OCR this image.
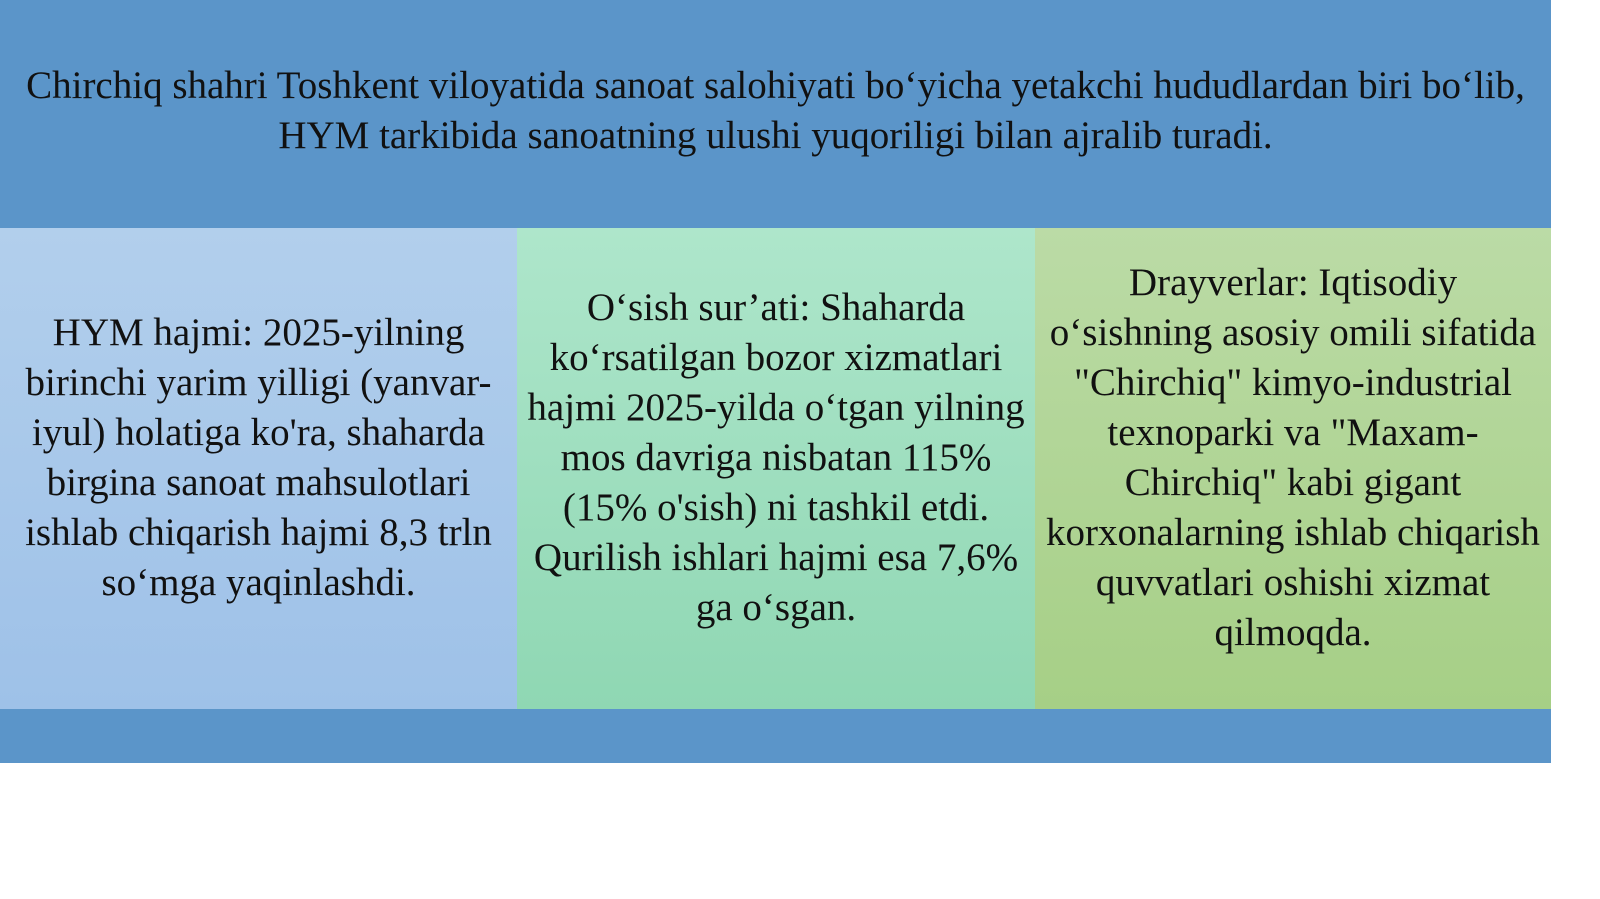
Chirchiq shahri Toshkent viloyatida sanoat salohiyati bo‘yicha yetakchi hududlardan biri bo‘lib, HYM tarkibida sanoatning ulushi yuqoriligi bilan ajralib turadi.

HYM hajmi: 2025-yilning birinchi yarim yilligi (yanvar-iyul) holatiga ko'ra, shaharda birgina sanoat mahsulotlari ishlab chiqarish hajmi 8,3 trln so‘mga yaqinlashdi.

O‘sish sur’ati: Shaharda ko‘rsatilgan bozor xizmatlari hajmi 2025-yilda o‘tgan yilning mos davriga nisbatan 115% (15% o'sish) ni tashkil etdi. Qurilish ishlari hajmi esa 7,6% ga o‘sgan.

Drayverlar: Iqtisodiy o‘sishning asosiy omili sifatida "Chirchiq" kimyo-industrial texnoparki va "Maxam-Chirchiq" kabi gigant korxonalarning ishlab chiqarish quvvatlari oshishi xizmat qilmoqda.
